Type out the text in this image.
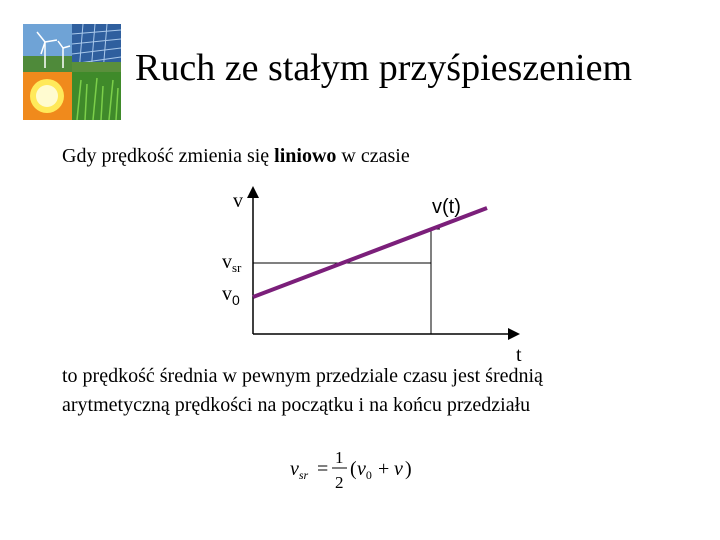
Ruch ze stałym przyśpieszeniem
Gdy prędkość zmienia się liniowo w czasie
v
t
v(t)
$v_{sr}$
$v_0$
to prędkość średnia w pewnym przedziale czasu jest średnią
arytmetyczną prędkości na początku i na końcu przedziału
$v_{sr}$ =
1
2
( $v_0 + v$ )
